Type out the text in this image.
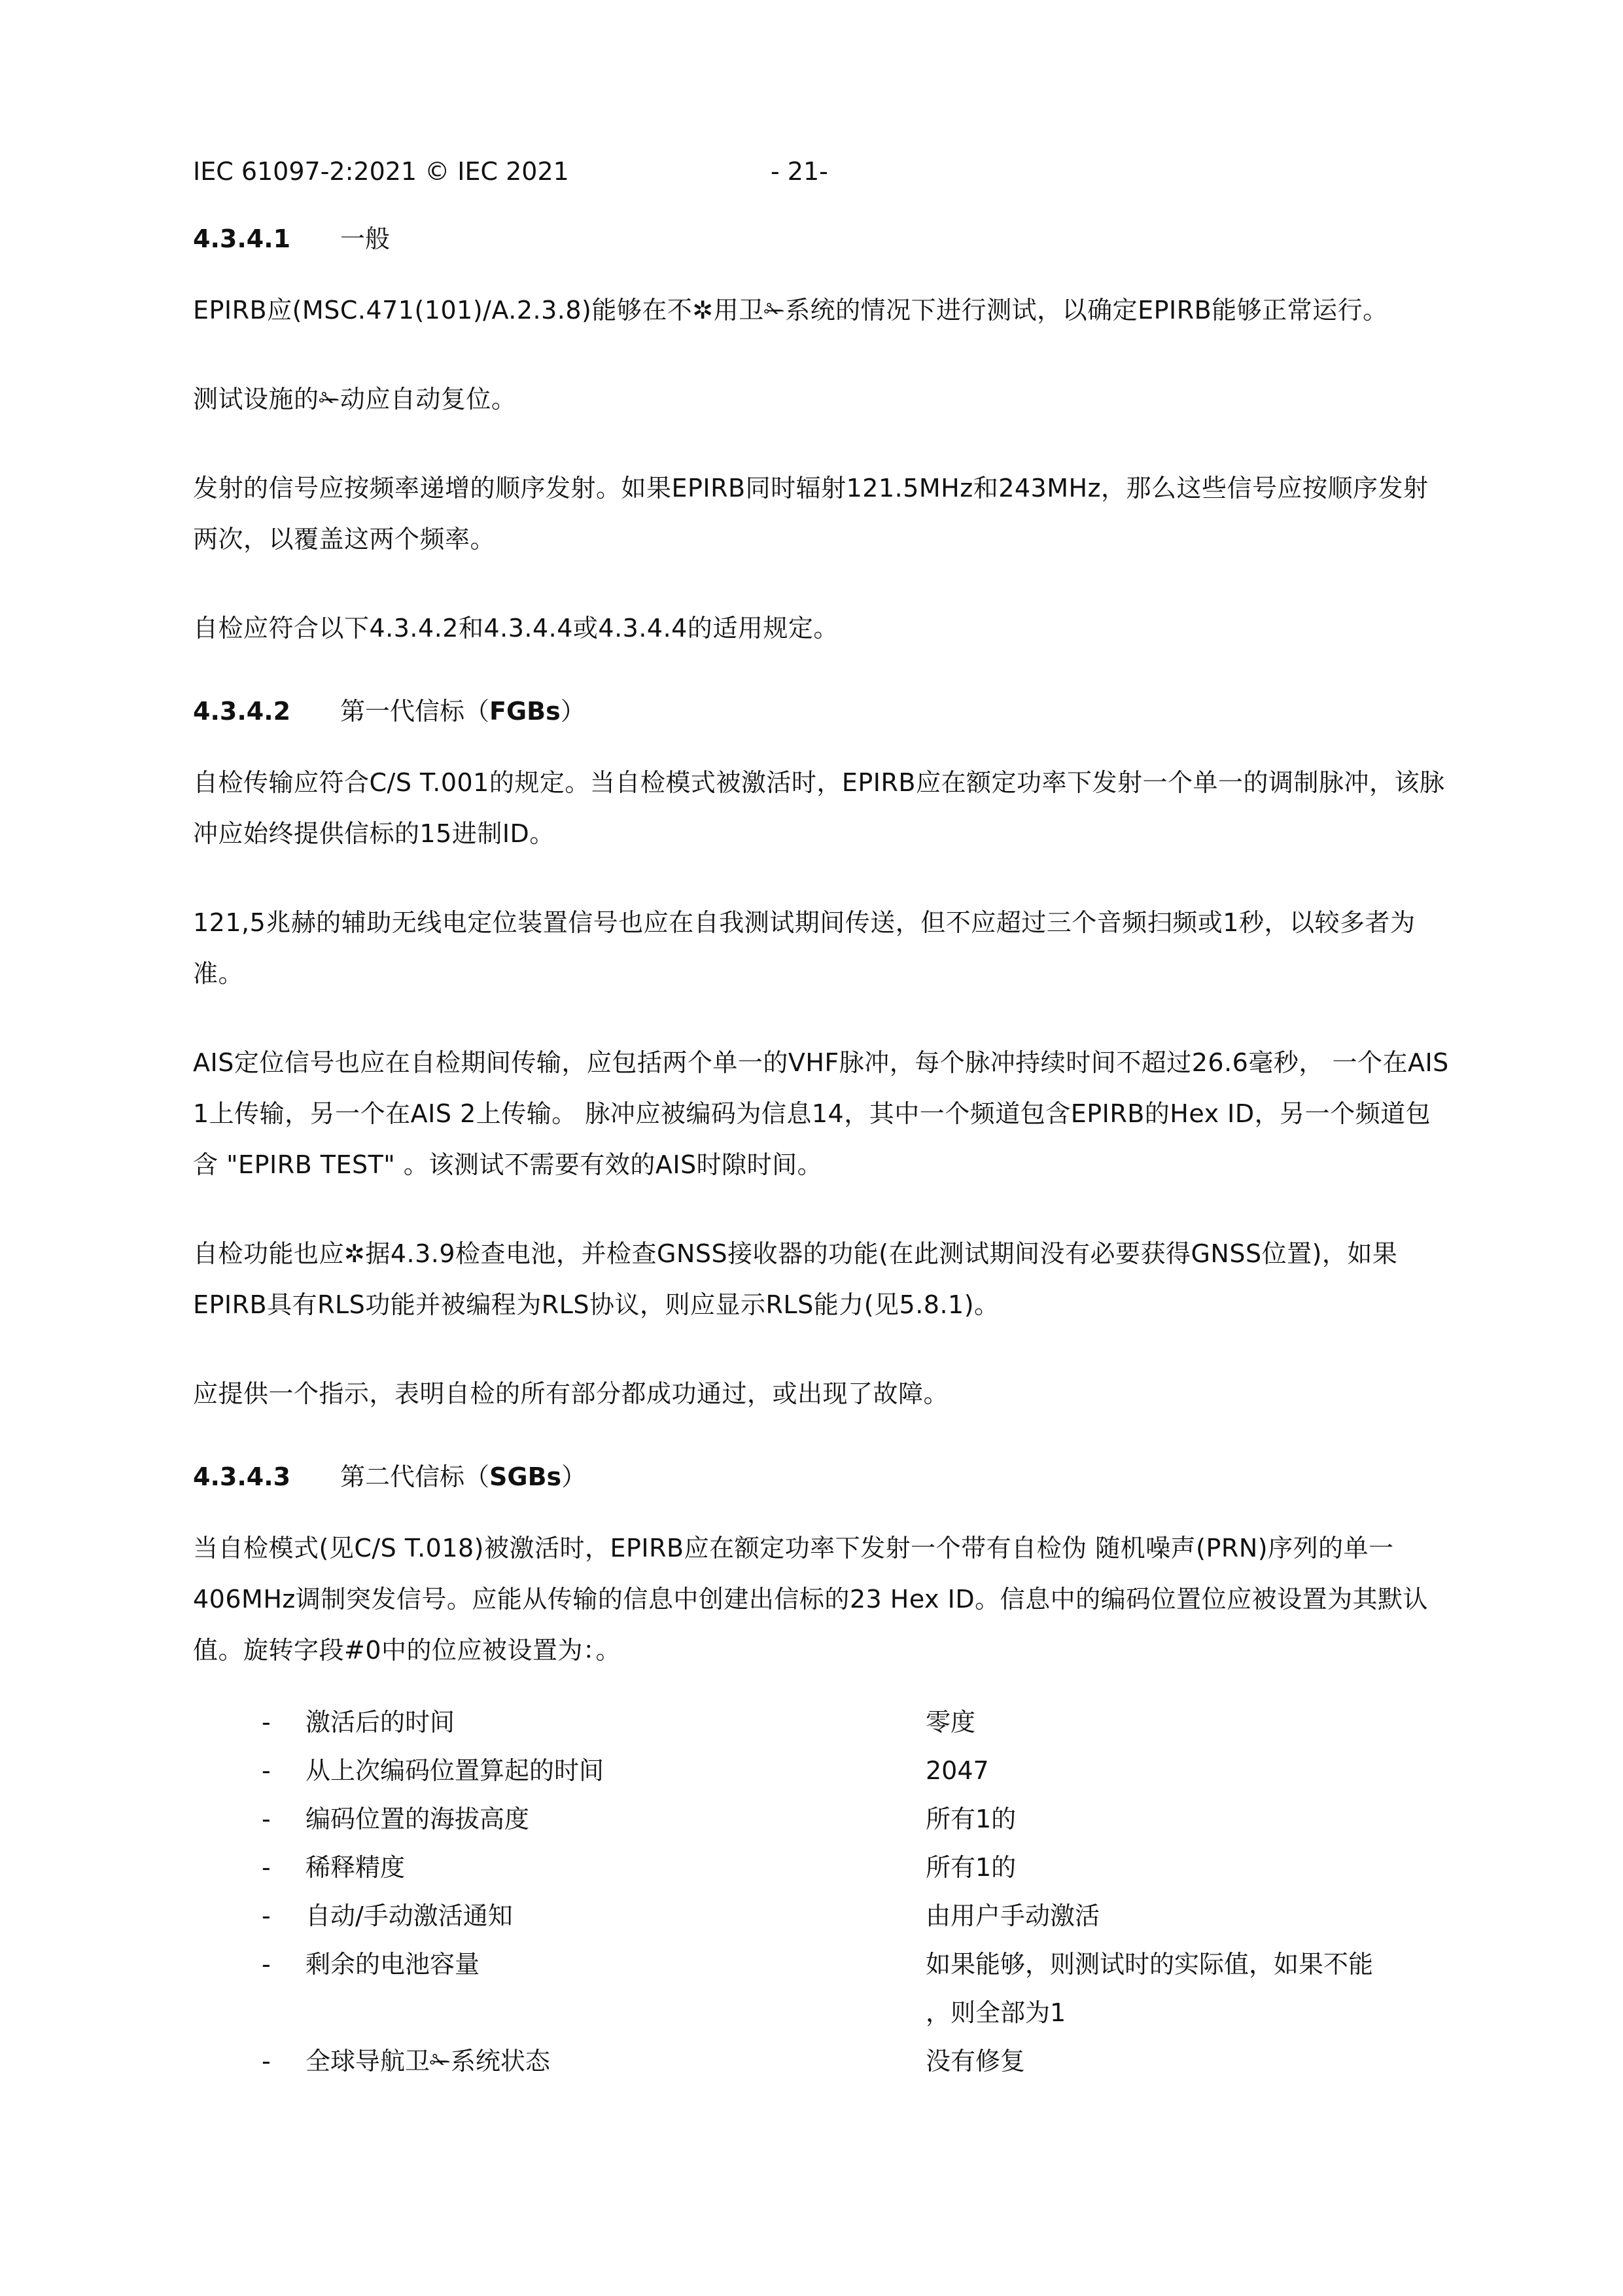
IEC 61097-2:2021 © IEC 2021	- 21-
4.3.4.1	一般

EPIRB应(MSC.471(101)/A.2.3.8)能够在不✲用卫✁系统的情况下进行测试，以确定EPIRB能够正常运行。

测试设施的✁动应自动复位。

发射的信号应按频率递增的顺序发射。如果EPIRB同时辐射121.5MHz和243MHz，那么这些信号应按顺序发射两次，以覆盖这两个频率。

自检应符合以下4.3.4.2和4.3.4.4或4.3.4.4的适用规定。

4.3.4.2	第一代信标（FGBs）

自检传输应符合C/S T.001的规定。当自检模式被激活时，EPIRB应在额定功率下发射一个单一的调制脉冲，该脉冲应始终提供信标的15进制ID。

121,5兆赫的辅助无线电定位装置信号也应在自我测试期间传送，但不应超过三个音频扫频或1秒，以较多者为准。

AIS定位信号也应在自检期间传输，应包括两个单一的VHF脉冲，每个脉冲持续时间不超过26.6毫秒， 一个在AIS 1上传输，另一个在AIS 2上传输。 脉冲应被编码为信息14，其中一个频道包含EPIRB的Hex ID，另一个频道包含 "EPIRB TEST" 。该测试不需要有效的AIS时隙时间。

自检功能也应✲据4.3.9检查电池，并检查GNSS接收器的功能(在此测试期间没有必要获得GNSS位置)，如果EPIRB具有RLS功能并被编程为RLS协议，则应显示RLS能力(见5.8.1)。

应提供一个指示，表明自检的所有部分都成功通过，或出现了故障。

4.3.4.3	第二代信标（SGBs）

当自检模式(见C/S T.018)被激活时，EPIRB应在额定功率下发射一个带有自检伪 随机噪声(PRN)序列的单一406MHz调制突发信号。应能从传输的信息中创建出信标的23 Hex ID。信息中的编码位置位应被设置为其默认值。旋转字段#0中的位应被设置为：。

-	激活后的时间	零度
-	从上次编码位置算起的时间	2047
-	编码位置的海拔高度	所有1的
-	稀释精度	所有1的
-	自动/手动激活通知	由用户手动激活
-	剩余的电池容量	如果能够，则测试时的实际值，如果不能
，则全部为1
-	全球导航卫✁系统状态	没有修复
